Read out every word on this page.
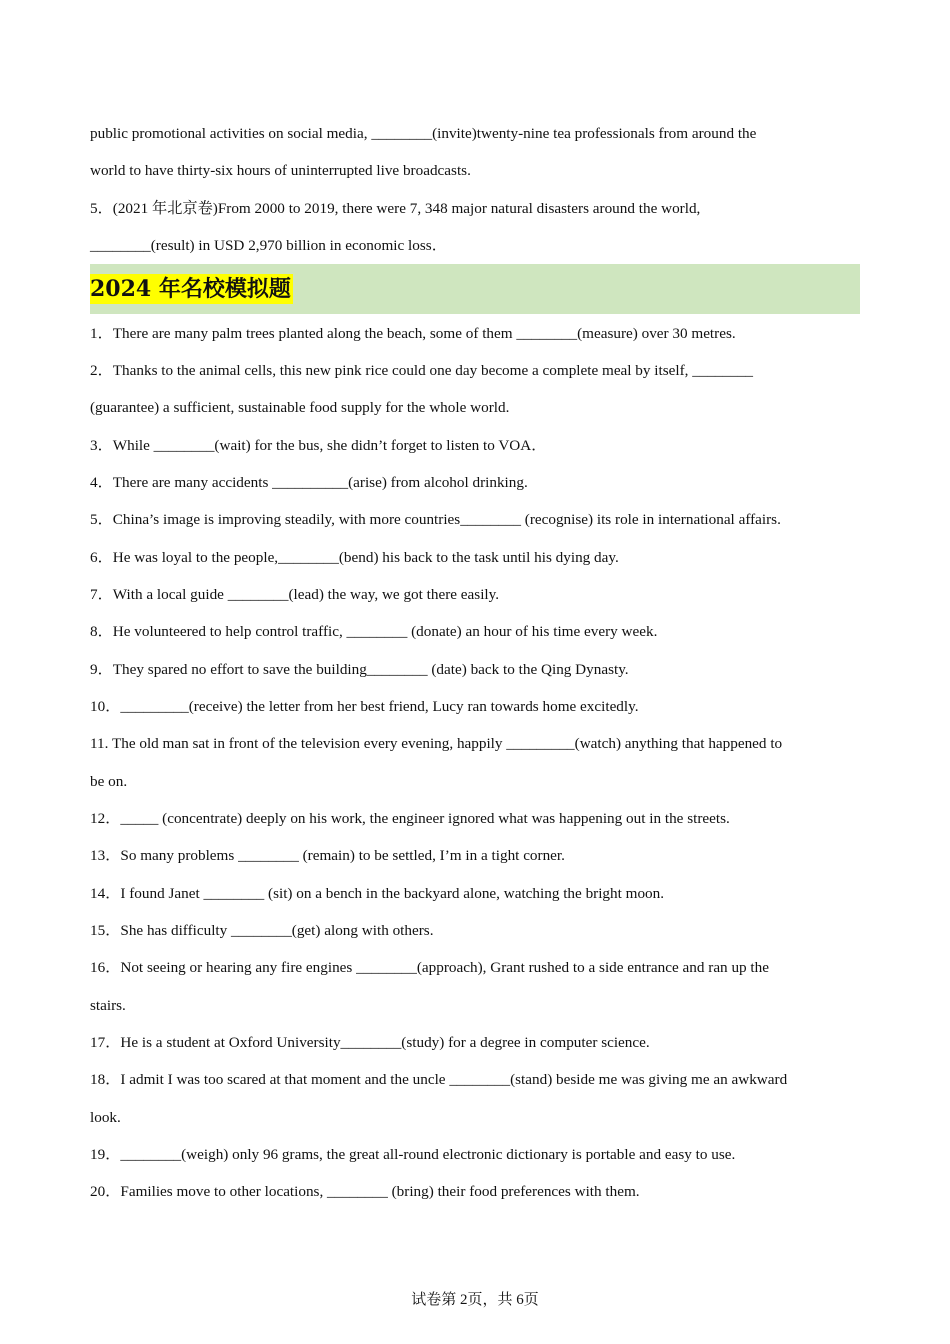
public promotional activities on social media, ________(invite)twenty-nine tea professionals from around the
world to have thirty-six hours of uninterrupted live broadcasts.
5．(2021 年北京卷)From 2000 to 2019, there were 7, 348 major natural disasters around the world,
________(result) in USD 2,970 billion in economic loss．
2024 年名校模拟题
1．There are many palm trees planted along the beach, some of them ________(measure) over 30 metres.
2．Thanks to the animal cells, this new pink rice could one day become a complete meal by itself, ________
(guarantee) a sufficient, sustainable food supply for the whole world.
3．While ________(wait) for the bus, she didn’t forget to listen to VOA．
4．There are many accidents __________(arise) from alcohol drinking.
5．China’s image is improving steadily, with more countries________ (recognise) its role in international affairs.
6．He was loyal to the people,________(bend) his back to the task until his dying day.
7．With a local guide ________(lead) the way, we got there easily.
8．He volunteered to help control traffic, ________ (donate) an hour of his time every week.
9．They spared no effort to save the building________ (date) back to the Qing Dynasty.
10．_________(receive) the letter from her best friend, Lucy ran towards home excitedly.
11. The old man sat in front of the television every evening, happily _________(watch) anything that happened to
be on.
12．_____ (concentrate) deeply on his work, the engineer ignored what was happening out in the streets.
13．So many problems ________ (remain) to be settled, I’m in a tight corner.
14．I found Janet ________ (sit) on a bench in the backyard alone, watching the bright moon.
15．She has difficulty ________(get) along with others.
16．Not seeing or hearing any fire engines ________(approach), Grant rushed to a side entrance and ran up the
stairs.
17．He is a student at Oxford University________(study) for a degree in computer science.
18．I admit I was too scared at that moment and the uncle ________(stand) beside me was giving me an awkward
look.
19．________(weigh) only 96 grams, the great all-round electronic dictionary is portable and easy to use.
20．Families move to other locations, ________ (bring) their food preferences with them.
试卷第 2页，共 6页
